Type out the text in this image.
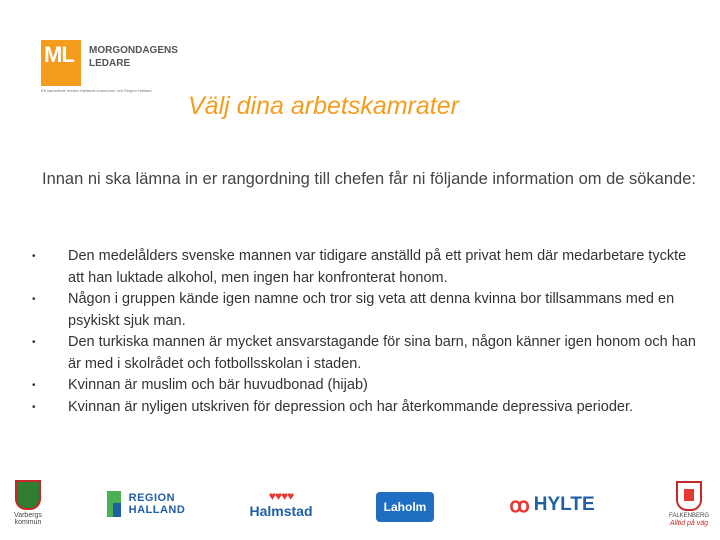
ML MORGONDAGENS
LEDARE
Ett samarbete mellan Hallands kommuner och Region Halland
Välj dina arbetskamrater
Innan ni ska lämna in er rangordning till chefen får ni följande information om de sökande:
• Den medelålders svenske mannen var tidigare anställd på ett privat hem där medarbetare tyckte att han luktade alkohol, men ingen har konfronterat honom.
• Någon i gruppen kände igen namne och tror sig veta att denna kvinna bor tillsammans med en psykiskt sjuk man.
• Den turkiska mannen är mycket ansvarstagande för sina barn, någon känner igen honom och han är med i skolrådet och fotbollsskolan i staden.
• Kvinnan är muslim och bär huvudbonad (hijab)
• Kvinnan är nyligen utskriven för depression och har återkommande depressiva perioder.
Varbergs
kommun
REGION
HALLAND
♥♥♥♥
Halmstad	Laholm	ꝏ HYLTE
FALKENBERG
Alltid på väg
